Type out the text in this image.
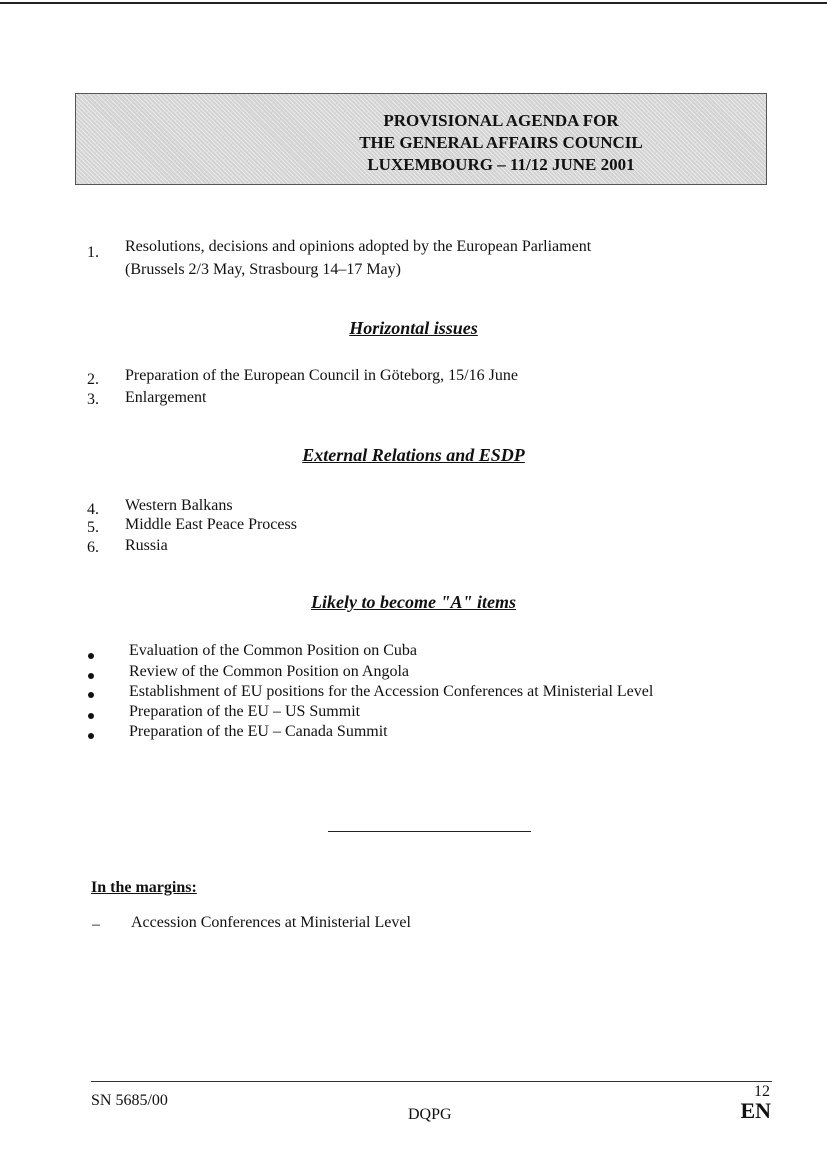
PROVISIONAL AGENDA FOR
THE GENERAL AFFAIRS COUNCIL
LUXEMBOURG – 11/12 JUNE 2001
1. Resolutions, decisions and opinions adopted by the European Parliament
(Brussels 2/3 May, Strasbourg 14–17 May)
Horizontal issues
2. Preparation of the European Council in Göteborg, 15/16 June
3. Enlargement
External Relations and ESDP
4. Western Balkans
5. Middle East Peace Process
6. Russia
Likely to become "A" items
Evaluation of the Common Position on Cuba
Review of the Common Position on Angola
Establishment of EU positions for the Accession Conferences at Ministerial Level
Preparation of the EU – US Summit
Preparation of the EU – Canada Summit
In the margins:
– Accession Conferences at Ministerial Level
SN 5685/00
DQPG
12
EN
